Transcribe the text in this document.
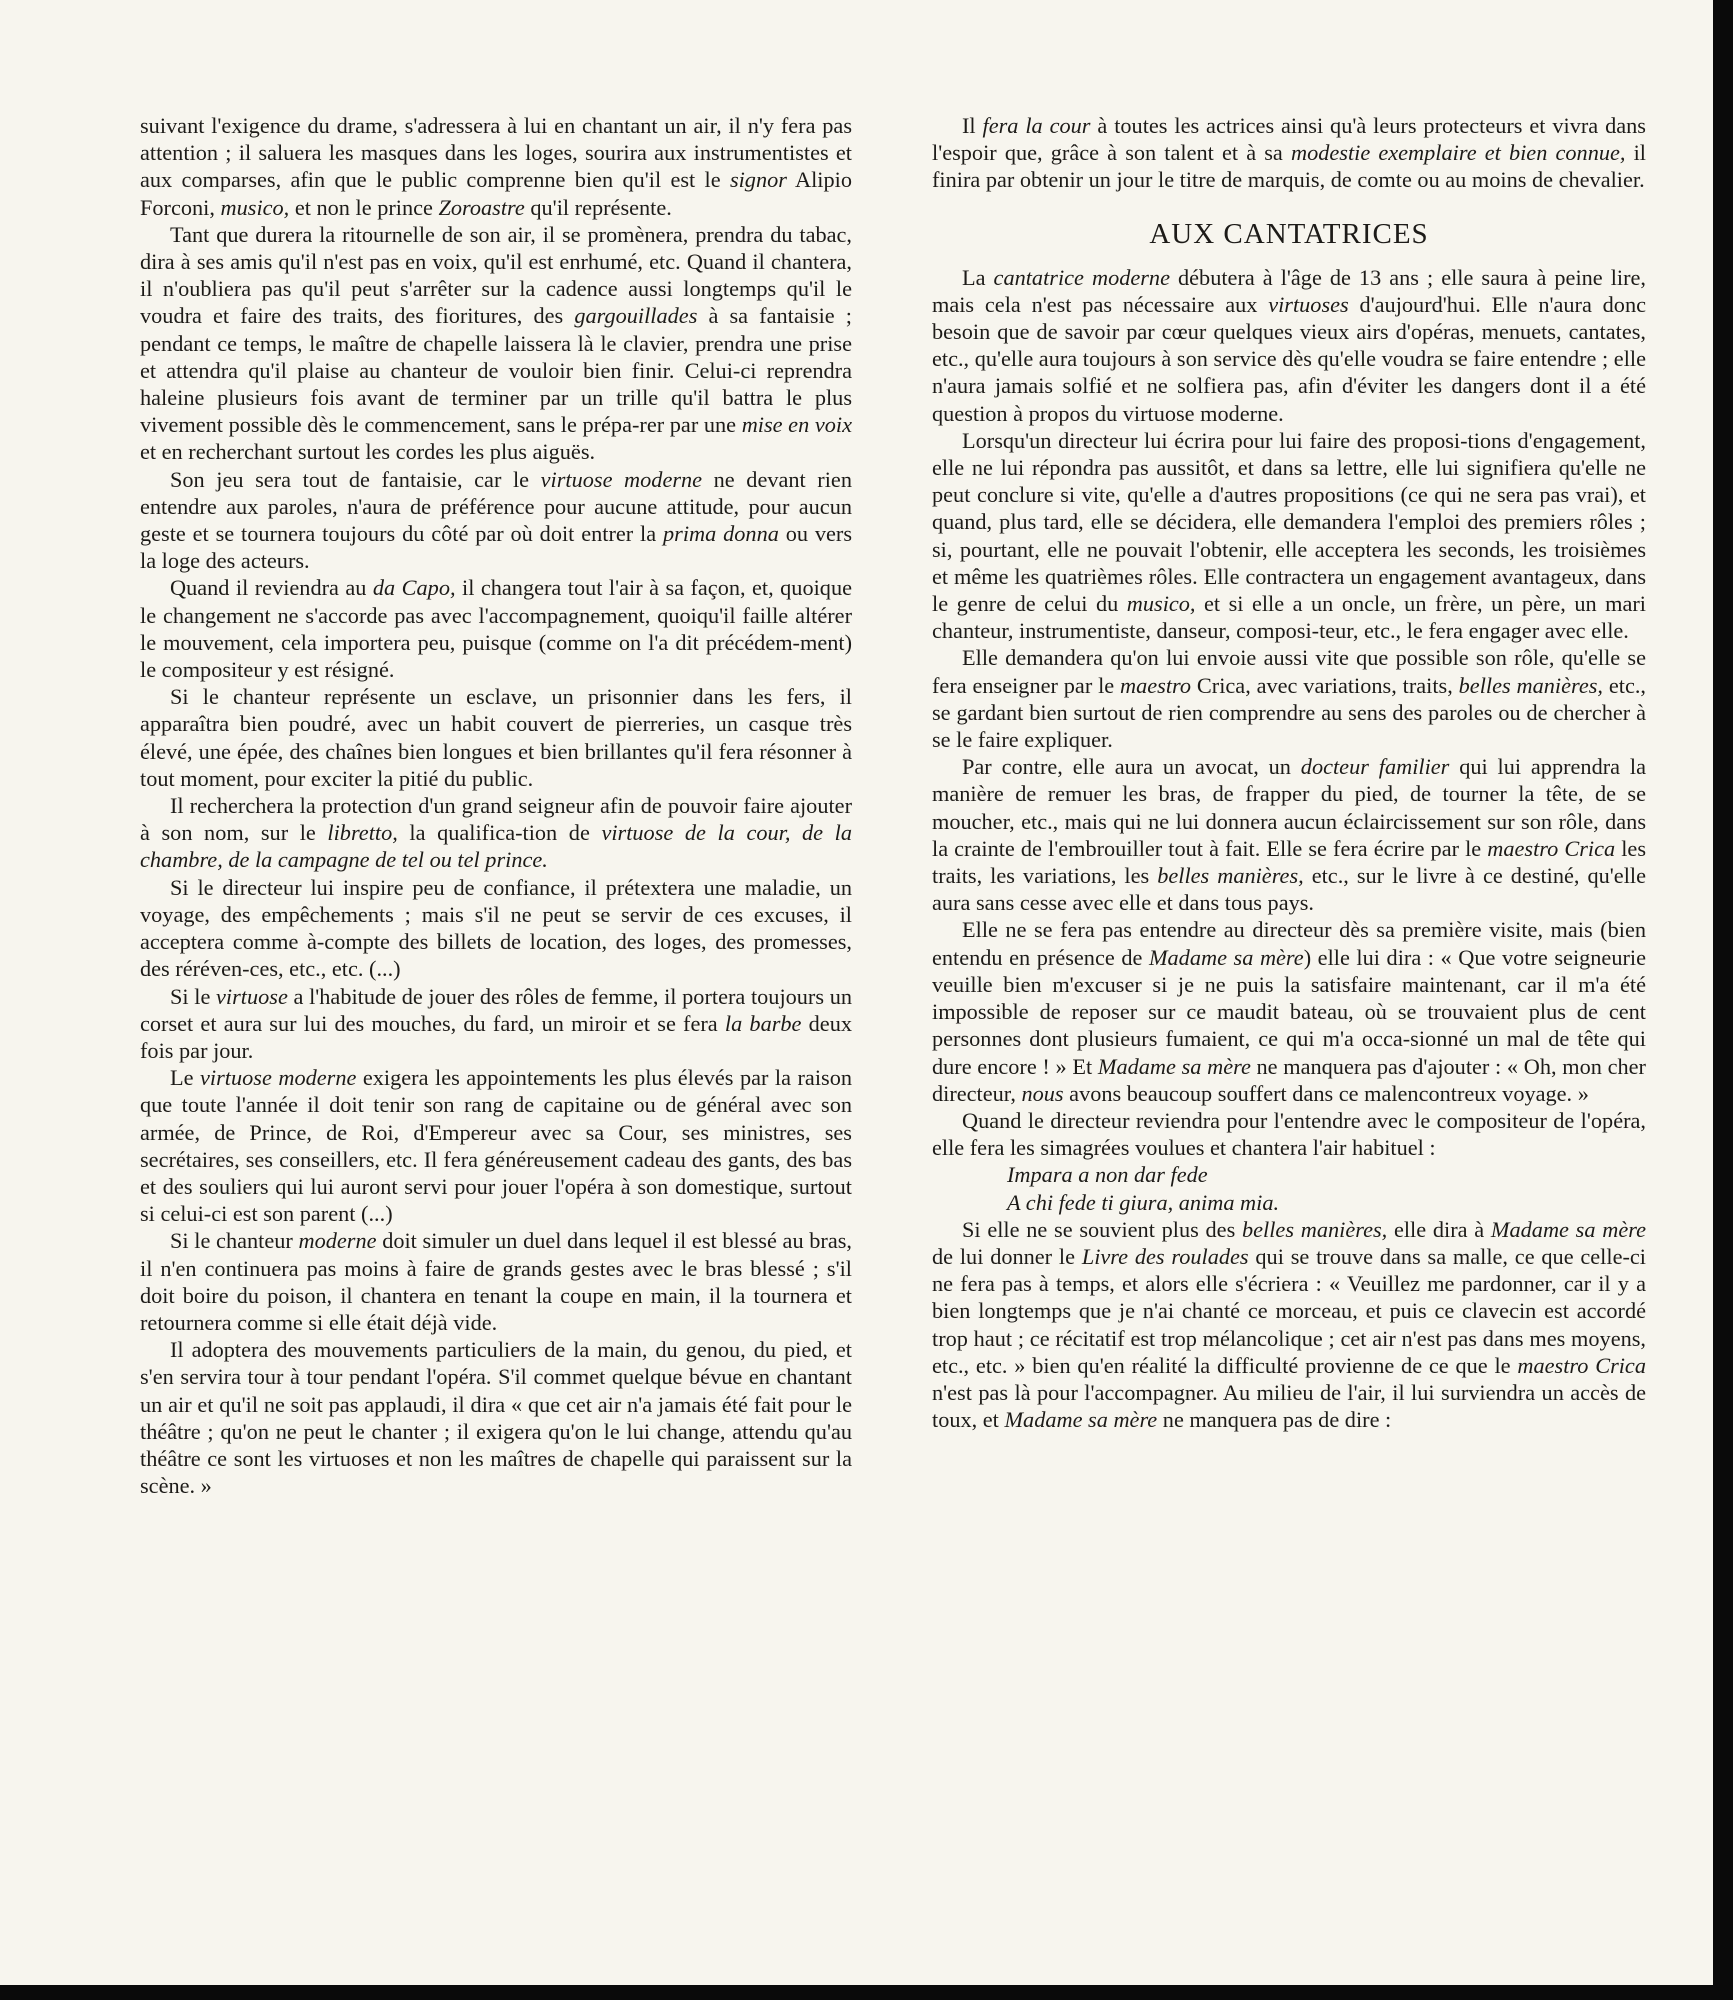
suivant l'exigence du drame, s'adressera à lui en chantant un air, il n'y fera pas attention ; il saluera les masques dans les loges, sourira aux instrumentistes et aux comparses, afin que le public comprenne bien qu'il est le signor Alipio Forconi, musico, et non le prince Zoroastre qu'il représente.

Tant que durera la ritournelle de son air, il se promènera, prendra du tabac, dira à ses amis qu'il n'est pas en voix, qu'il est enrhumé, etc. Quand il chantera, il n'oubliera pas qu'il peut s'arrêter sur la cadence aussi longtemps qu'il le voudra et faire des traits, des fioritures, des gargouillades à sa fantaisie ; pendant ce temps, le maître de chapelle laissera là le clavier, prendra une prise et attendra qu'il plaise au chanteur de vouloir bien finir. Celui-ci reprendra haleine plusieurs fois avant de terminer par un trille qu'il battra le plus vivement possible dès le commencement, sans le prépa-rer par une mise en voix et en recherchant surtout les cordes les plus aiguës.

Son jeu sera tout de fantaisie, car le virtuose moderne ne devant rien entendre aux paroles, n'aura de préférence pour aucune attitude, pour aucun geste et se tournera toujours du côté par où doit entrer la prima donna ou vers la loge des acteurs.

Quand il reviendra au da Capo, il changera tout l'air à sa façon, et, quoique le changement ne s'accorde pas avec l'accompagnement, quoiqu'il faille altérer le mouvement, cela importera peu, puisque (comme on l'a dit précédem-ment) le compositeur y est résigné.

Si le chanteur représente un esclave, un prisonnier dans les fers, il apparaîtra bien poudré, avec un habit couvert de pierreries, un casque très élevé, une épée, des chaînes bien longues et bien brillantes qu'il fera résonner à tout moment, pour exciter la pitié du public.

Il recherchera la protection d'un grand seigneur afin de pouvoir faire ajouter à son nom, sur le libretto, la qualifica-tion de virtuose de la cour, de la chambre, de la campagne de tel ou tel prince.

Si le directeur lui inspire peu de confiance, il prétextera une maladie, un voyage, des empêchements ; mais s'il ne peut se servir de ces excuses, il acceptera comme à-compte des billets de location, des loges, des promesses, des réréven-ces, etc., etc. (...)

Si le virtuose a l'habitude de jouer des rôles de femme, il portera toujours un corset et aura sur lui des mouches, du fard, un miroir et se fera la barbe deux fois par jour.

Le virtuose moderne exigera les appointements les plus élevés par la raison que toute l'année il doit tenir son rang de capitaine ou de général avec son armée, de Prince, de Roi, d'Empereur avec sa Cour, ses ministres, ses secrétaires, ses conseillers, etc. Il fera généreusement cadeau des gants, des bas et des souliers qui lui auront servi pour jouer l'opéra à son domestique, surtout si celui-ci est son parent (...)

Si le chanteur moderne doit simuler un duel dans lequel il est blessé au bras, il n'en continuera pas moins à faire de grands gestes avec le bras blessé ; s'il doit boire du poison, il chantera en tenant la coupe en main, il la tournera et retournera comme si elle était déjà vide.

Il adoptera des mouvements particuliers de la main, du genou, du pied, et s'en servira tour à tour pendant l'opéra. S'il commet quelque bévue en chantant un air et qu'il ne soit pas applaudi, il dira « que cet air n'a jamais été fait pour le théâtre ; qu'on ne peut le chanter ; il exigera qu'on le lui change, attendu qu'au théâtre ce sont les virtuoses et non les maîtres de chapelle qui paraissent sur la scène. »

Il fera la cour à toutes les actrices ainsi qu'à leurs protecteurs et vivra dans l'espoir que, grâce à son talent et à sa modestie exemplaire et bien connue, il finira par obtenir un jour le titre de marquis, de comte ou au moins de chevalier.

AUX CANTATRICES

La cantatrice moderne débutera à l'âge de 13 ans ; elle saura à peine lire, mais cela n'est pas nécessaire aux virtuoses d'aujourd'hui. Elle n'aura donc besoin que de savoir par cœur quelques vieux airs d'opéras, menuets, cantates, etc., qu'elle aura toujours à son service dès qu'elle voudra se faire entendre ; elle n'aura jamais solfié et ne solfiera pas, afin d'éviter les dangers dont il a été question à propos du virtuose moderne.

Lorsqu'un directeur lui écrira pour lui faire des proposi-tions d'engagement, elle ne lui répondra pas aussitôt, et dans sa lettre, elle lui signifiera qu'elle ne peut conclure si vite, qu'elle a d'autres propositions (ce qui ne sera pas vrai), et quand, plus tard, elle se décidera, elle demandera l'emploi des premiers rôles ; si, pourtant, elle ne pouvait l'obtenir, elle acceptera les seconds, les troisièmes et même les quatrièmes rôles. Elle contractera un engagement avantageux, dans le genre de celui du musico, et si elle a un oncle, un frère, un père, un mari chanteur, instrumentiste, danseur, composi-teur, etc., le fera engager avec elle.

Elle demandera qu'on lui envoie aussi vite que possible son rôle, qu'elle se fera enseigner par le maestro Crica, avec variations, traits, belles manières, etc., se gardant bien surtout de rien comprendre au sens des paroles ou de chercher à se le faire expliquer.

Par contre, elle aura un avocat, un docteur familier qui lui apprendra la manière de remuer les bras, de frapper du pied, de tourner la tête, de se moucher, etc., mais qui ne lui donnera aucun éclaircissement sur son rôle, dans la crainte de l'embrouiller tout à fait. Elle se fera écrire par le maestro Crica les traits, les variations, les belles manières, etc., sur le livre à ce destiné, qu'elle aura sans cesse avec elle et dans tous pays.

Elle ne se fera pas entendre au directeur dès sa première visite, mais (bien entendu en présence de Madame sa mère) elle lui dira : « Que votre seigneurie veuille bien m'excuser si je ne puis la satisfaire maintenant, car il m'a été impossible de reposer sur ce maudit bateau, où se trouvaient plus de cent personnes dont plusieurs fumaient, ce qui m'a occa-sionné un mal de tête qui dure encore ! » Et Madame sa mère ne manquera pas d'ajouter : « Oh, mon cher directeur, nous avons beaucoup souffert dans ce malencontreux voyage. »

Quand le directeur reviendra pour l'entendre avec le compositeur de l'opéra, elle fera les simagrées voulues et chantera l'air habituel :

Impara a non dar fede

A chi fede ti giura, anima mia.

Si elle ne se souvient plus des belles manières, elle dira à Madame sa mère de lui donner le Livre des roulades qui se trouve dans sa malle, ce que celle-ci ne fera pas à temps, et alors elle s'écriera : « Veuillez me pardonner, car il y a bien longtemps que je n'ai chanté ce morceau, et puis ce clavecin est accordé trop haut ; ce récitatif est trop mélancolique ; cet air n'est pas dans mes moyens, etc., etc. » bien qu'en réalité la difficulté provienne de ce que le maestro Crica n'est pas là pour l'accompagner. Au milieu de l'air, il lui surviendra un accès de toux, et Madame sa mère ne manquera pas de dire :
